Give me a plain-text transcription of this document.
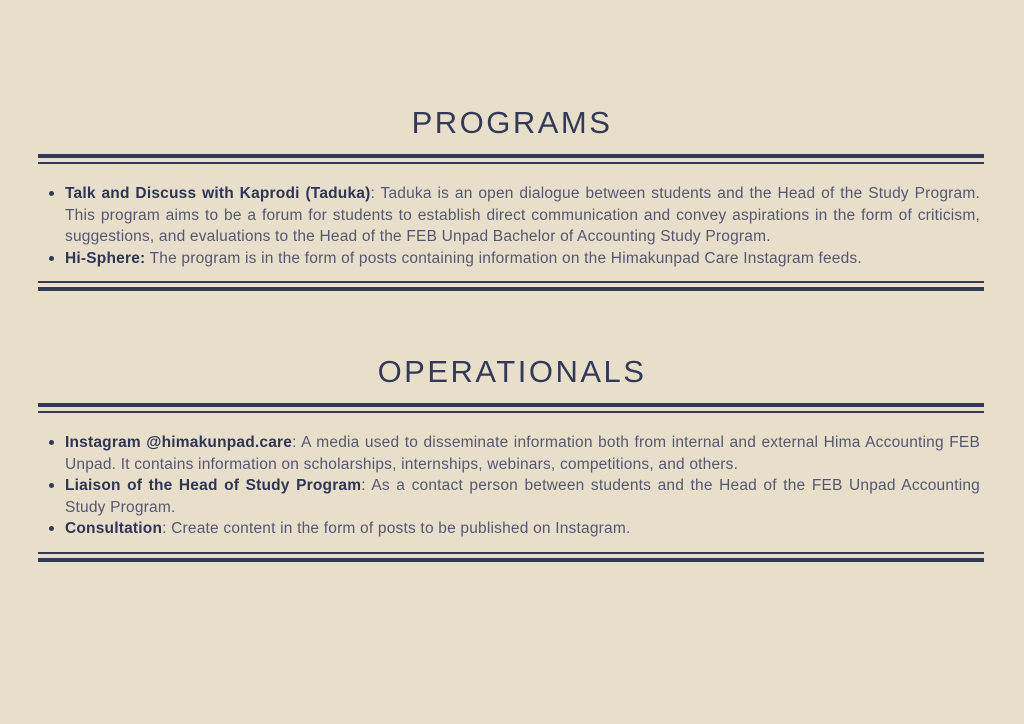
PROGRAMS
Talk and Discuss with Kaprodi (Taduka): Taduka is an open dialogue between students and the Head of the Study Program. This program aims to be a forum for students to establish direct communication and convey aspirations in the form of criticism, suggestions, and evaluations to the Head of the FEB Unpad Bachelor of Accounting Study Program.
Hi-Sphere: The program is in the form of posts containing information on the Himakunpad Care Instagram feeds.
OPERATIONALS
Instagram @himakunpad.care: A media used to disseminate information both from internal and external Hima Accounting FEB Unpad. It contains information on scholarships, internships, webinars, competitions, and others.
Liaison of the Head of Study Program: As a contact person between students and the Head of the FEB Unpad Accounting Study Program.
Consultation: Create content in the form of posts to be published on Instagram.
